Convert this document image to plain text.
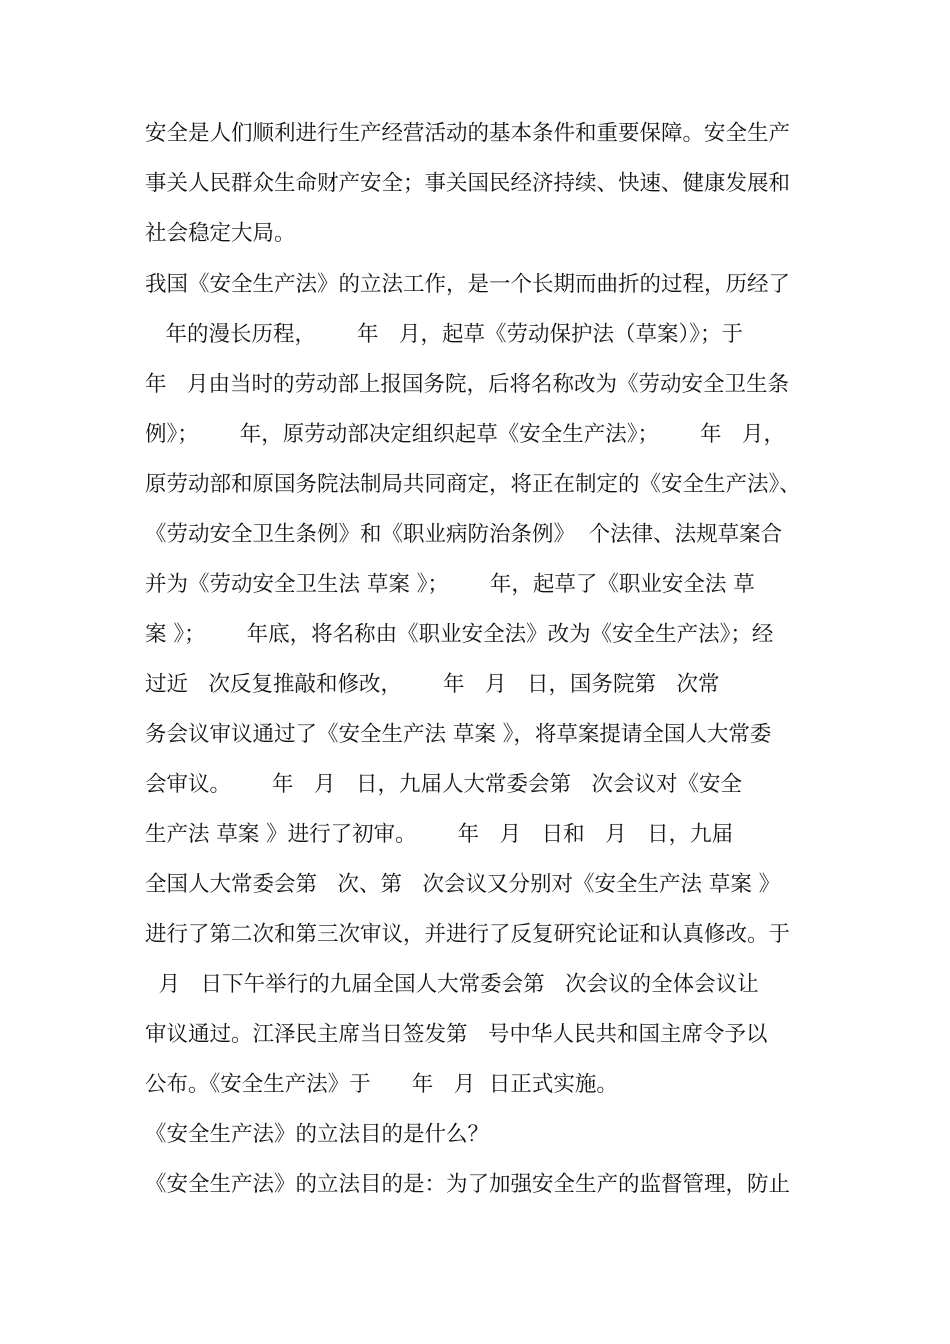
安全是人们顺利进行生产经营活动的基本条件和重要保障。安全生产
事关人民群众生命财产安全；事关国民经济持续、快速、健康发展和
社会稳定大局。
我国《安全生产法》的立法工作，是一个长期而曲折的过程，历经了
年的漫长历程，      年   月，起草《劳动保护法（草案）》；于
年   月由当时的劳动部上报国务院，后将名称改为《劳动安全卫生条
例》；      年，原劳动部决定组织起草《安全生产法》；      年   月，
原劳动部和原国务院法制局共同商定，将正在制定的《安全生产法》、
《劳动安全卫生条例》和《职业病防治条例》  个法律、法规草案合
并为《劳动安全卫生法 草案 》；      年，起草了《职业安全法 草
案 》；      年底，将名称由《职业安全法》改为《安全生产法》；经
过近   次反复推敲和修改，      年   月   日，国务院第   次常
务会议审议通过了《安全生产法 草案 》，将草案提请全国人大常委
会审议。      年   月   日，九届人大常委会第   次会议对《安全
生产法 草案 》进行了初审。      年   月   日和   月   日，九届
全国人大常委会第   次、第   次会议又分别对《安全生产法 草案 》
进行了第二次和第三次审议，并进行了反复研究论证和认真修改。于
月   日下午举行的九届全国人大常委会第   次会议的全体会议让
审议通过。江泽民主席当日签发第   号中华人民共和国主席令予以
公布。《安全生产法》于      年   月  日正式实施。
《安全生产法》的立法目的是什么？
《安全生产法》的立法目的是：为了加强安全生产的监督管理，防止
